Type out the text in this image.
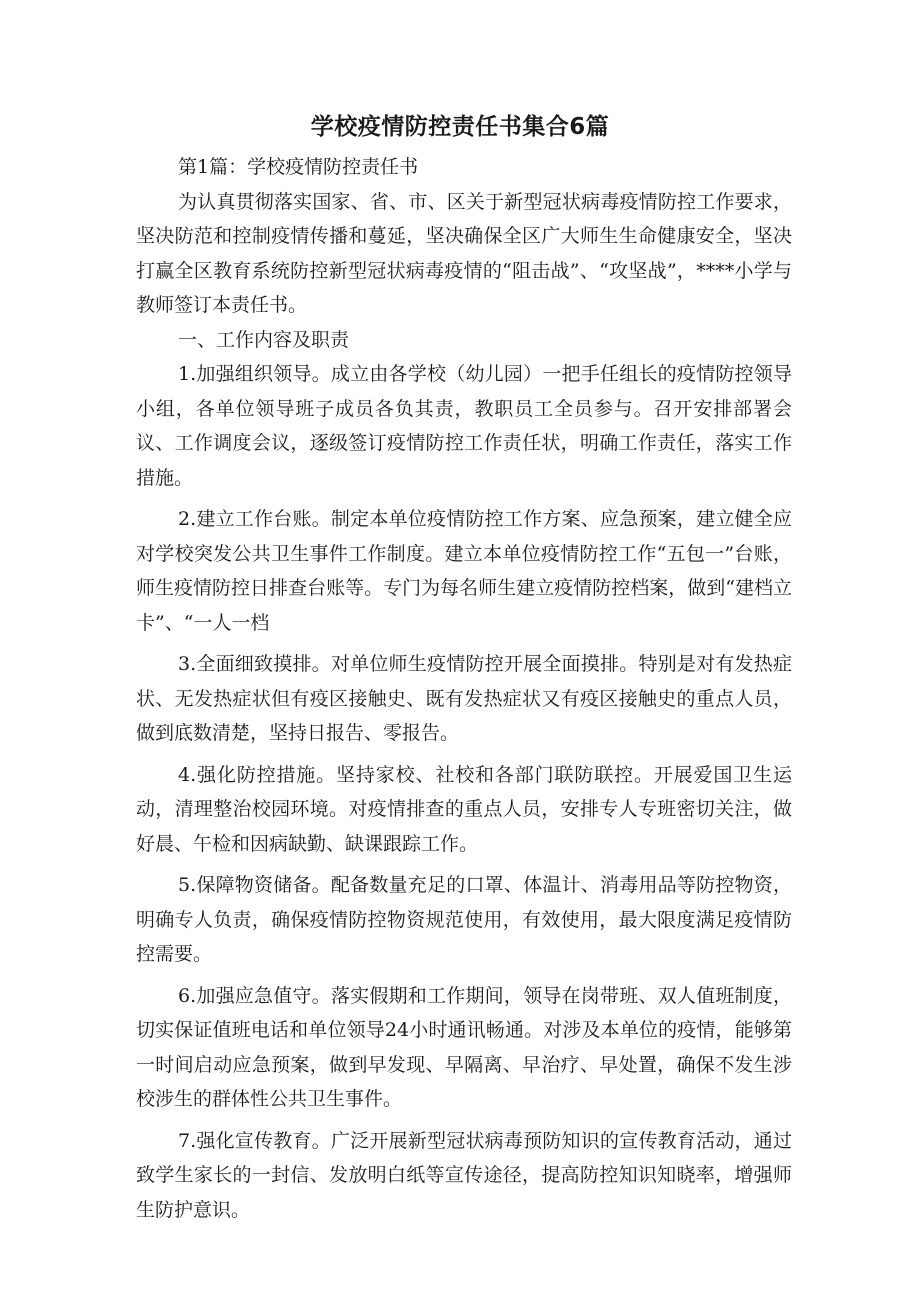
学校疫情防控责任书集合6篇

第1篇：学校疫情防控责任书

为认真贯彻落实国家、省、市、区关于新型冠状病毒疫情防控工作要求，坚决防范和控制疫情传播和蔓延，坚决确保全区广大师生生命健康安全，坚决打赢全区教育系统防控新型冠状病毒疫情的“阻击战”、“攻坚战”，****小学与教师签订本责任书。

一、工作内容及职责

1.加强组织领导。成立由各学校（幼儿园）一把手任组长的疫情防控领导小组，各单位领导班子成员各负其责，教职员工全员参与。召开安排部署会议、工作调度会议，逐级签订疫情防控工作责任状，明确工作责任，落实工作措施。

2.建立工作台账。制定本单位疫情防控工作方案、应急预案，建立健全应对学校突发公共卫生事件工作制度。建立本单位疫情防控工作“五包一”台账，师生疫情防控日排查台账等。专门为每名师生建立疫情防控档案，做到“建档立卡”、“一人一档

3.全面细致摸排。对单位师生疫情防控开展全面摸排。特别是对有发热症状、无发热症状但有疫区接触史、既有发热症状又有疫区接触史的重点人员，做到底数清楚，坚持日报告、零报告。

4.强化防控措施。坚持家校、社校和各部门联防联控。开展爱国卫生运动，清理整治校园环境。对疫情排查的重点人员，安排专人专班密切关注，做好晨、午检和因病缺勤、缺课跟踪工作。

5.保障物资储备。配备数量充足的口罩、体温计、消毒用品等防控物资，明确专人负责，确保疫情防控物资规范使用，有效使用，最大限度满足疫情防控需要。

6.加强应急值守。落实假期和工作期间，领导在岗带班、双人值班制度，切实保证值班电话和单位领导24小时通讯畅通。对涉及本单位的疫情，能够第一时间启动应急预案，做到早发现、早隔离、早治疗、早处置，确保不发生涉校涉生的群体性公共卫生事件。

7.强化宣传教育。广泛开展新型冠状病毒预防知识的宣传教育活动，通过致学生家长的一封信、发放明白纸等宣传途径，提高防控知识知晓率，增强师生防护意识。
